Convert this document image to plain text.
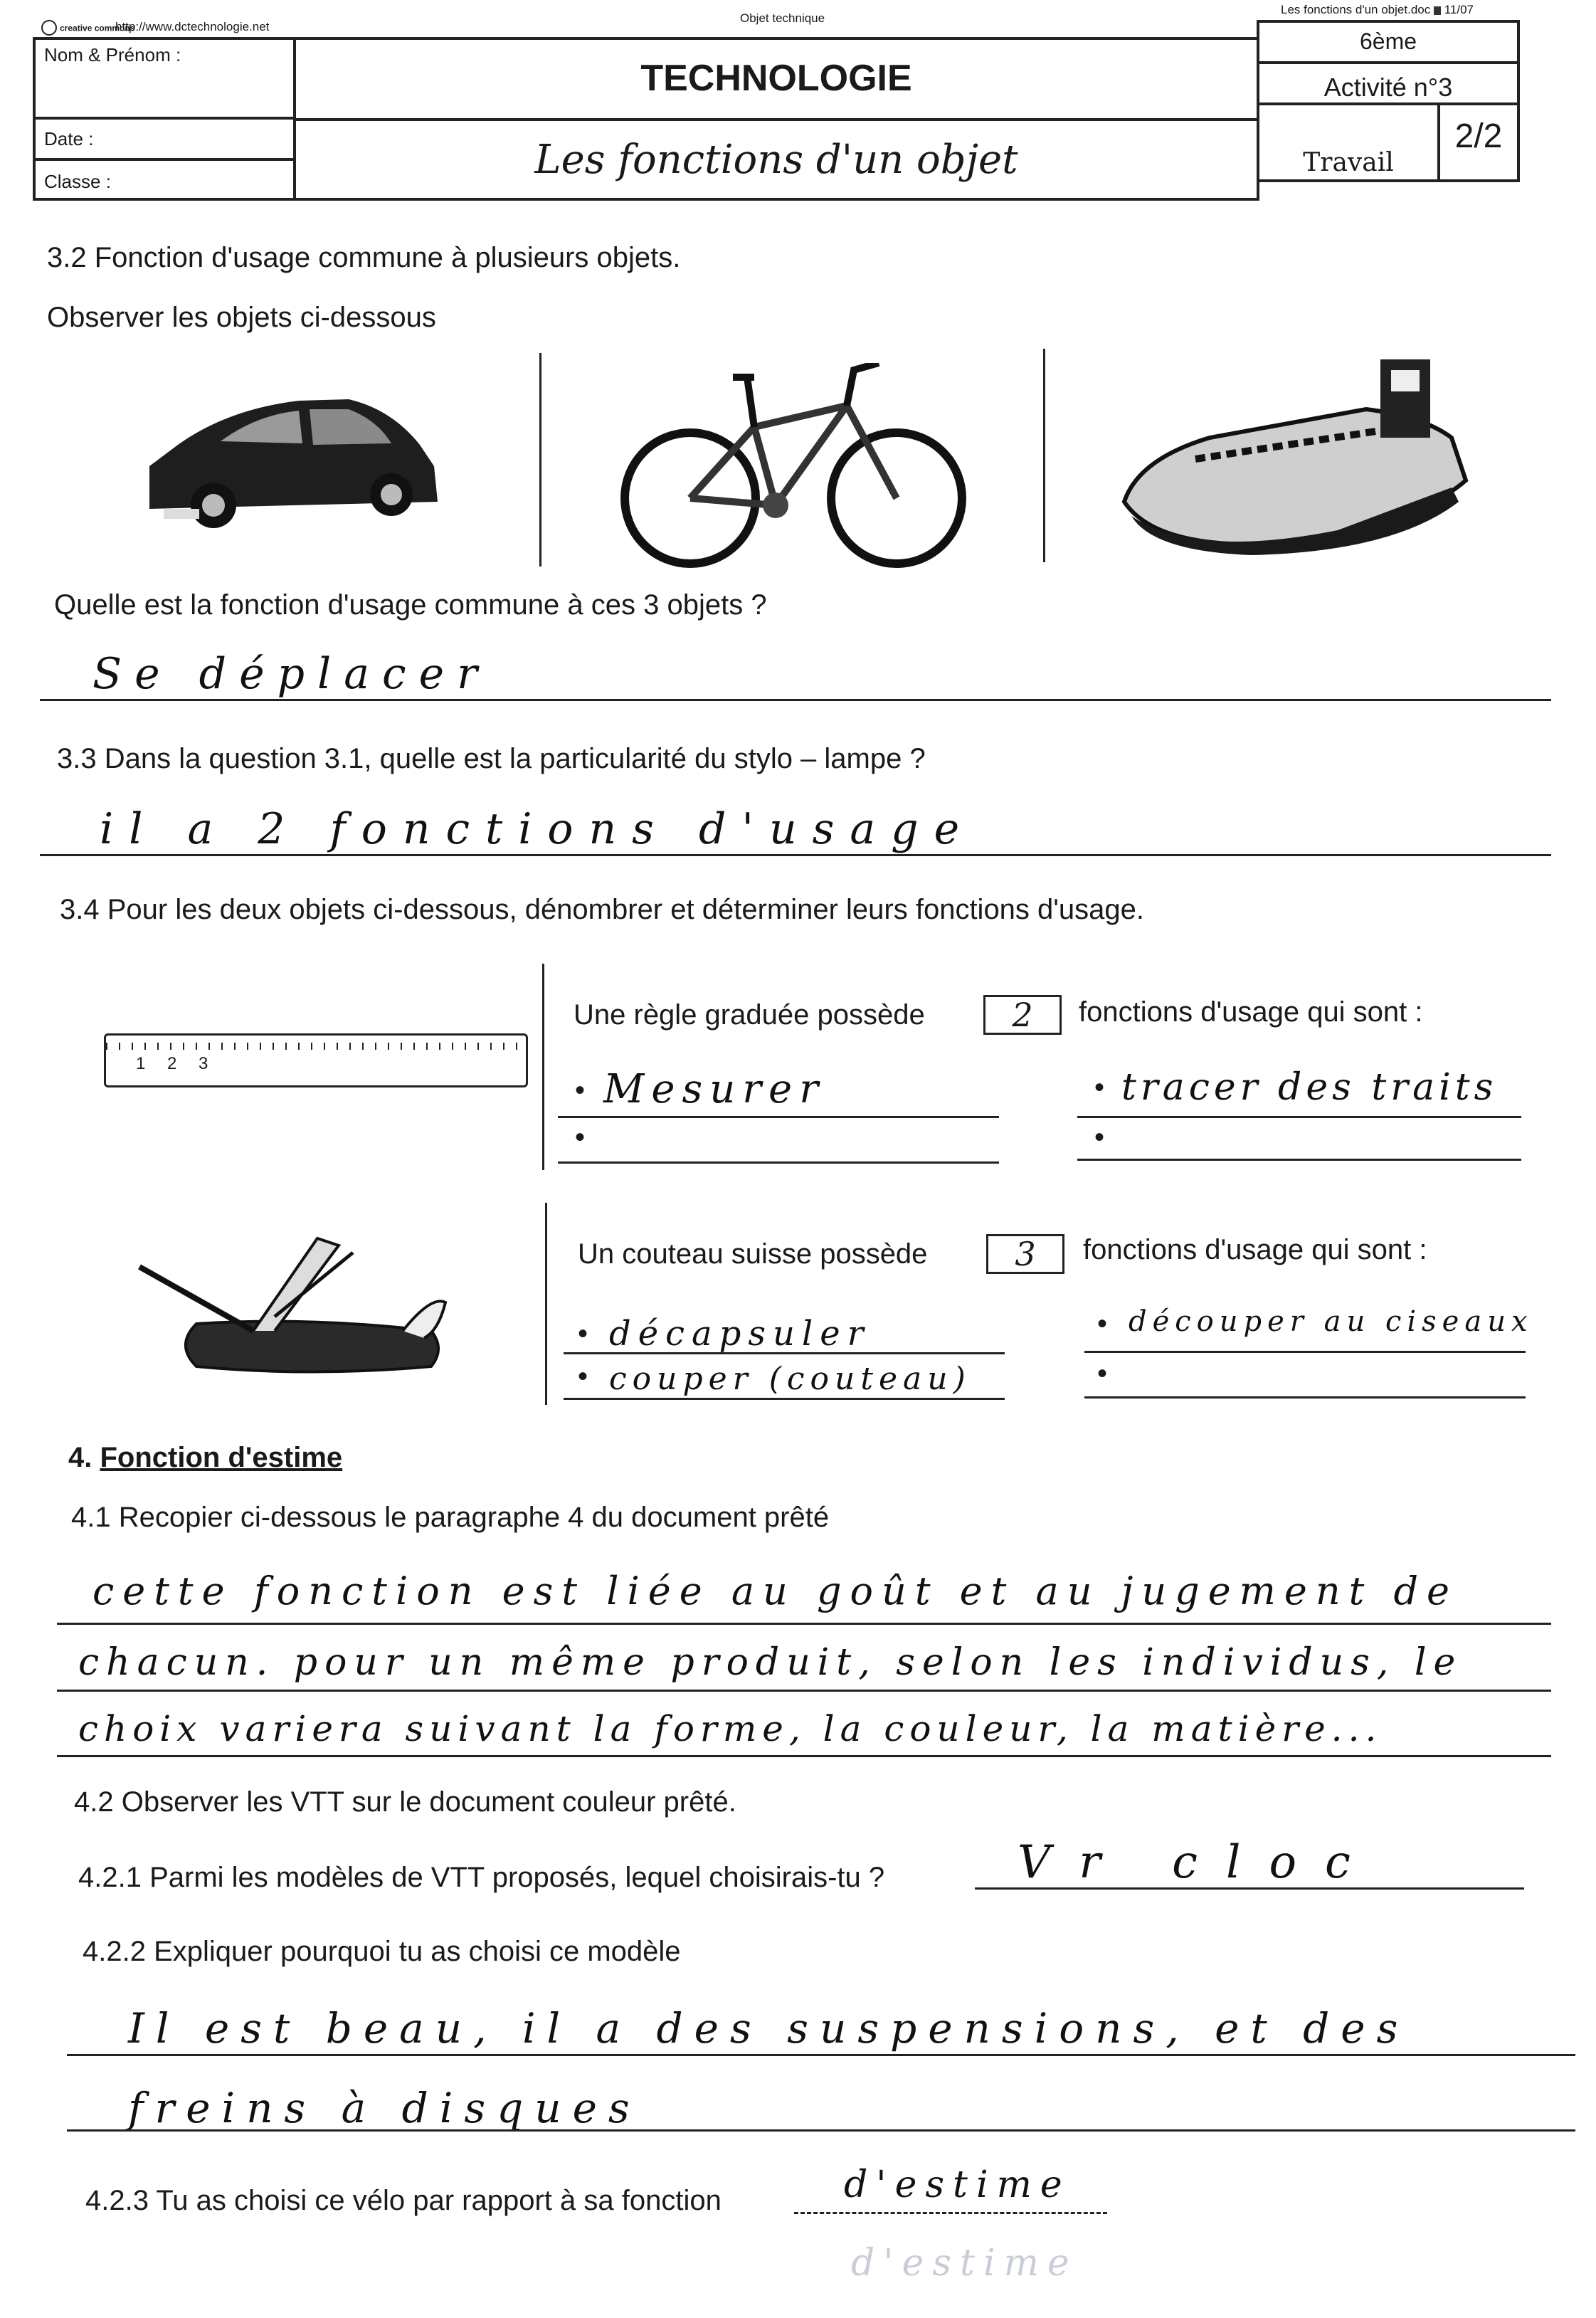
creative commons
http://www.dctechnologie.net
Objet technique
Les fonctions d'un objet.doc 11/07
Nom & Prénom :
Date :
Classe :
TECHNOLOGIE
Les fonctions d'un objet
6ème
Activité n°3
Travail
2/2
3.2 Fonction d'usage commune à plusieurs objets.
Observer les objets ci-dessous
Quelle est la fonction d'usage commune à ces 3 objets ?
Se déplacer
3.3 Dans la question 3.1, quelle est la particularité du stylo – lampe ?
il a 2 fonctions d'usage
3.4 Pour les deux objets ci-dessous, dénombrer et déterminer leurs fonctions d'usage.
1 2 3
Une règle graduée possède	2	fonctions d'usage qui sont :
• Mesurer
•
• tracer des traits
•
Un couteau suisse possède	3	fonctions d'usage qui sont :
• décapsuler
• couper (couteau)
• découper au ciseaux
•
4. Fonction d'estime
4.1 Recopier ci-dessous le paragraphe 4 du document prêté
cette fonction est liée au goût et au jugement de
chacun. pour un même produit, selon les individus, le
choix variera suivant la forme, la couleur, la matière...
4.2 Observer les VTT sur le document couleur prêté.
4.2.1 Parmi les modèles de VTT proposés, lequel choisirais-tu ?	Vr cloc
4.2.2 Expliquer pourquoi tu as choisi ce modèle
Il est beau, il a des suspensions, et des
freins à disques
4.2.3 Tu as choisi ce vélo par rapport à sa fonction	d'estime
d'estime
